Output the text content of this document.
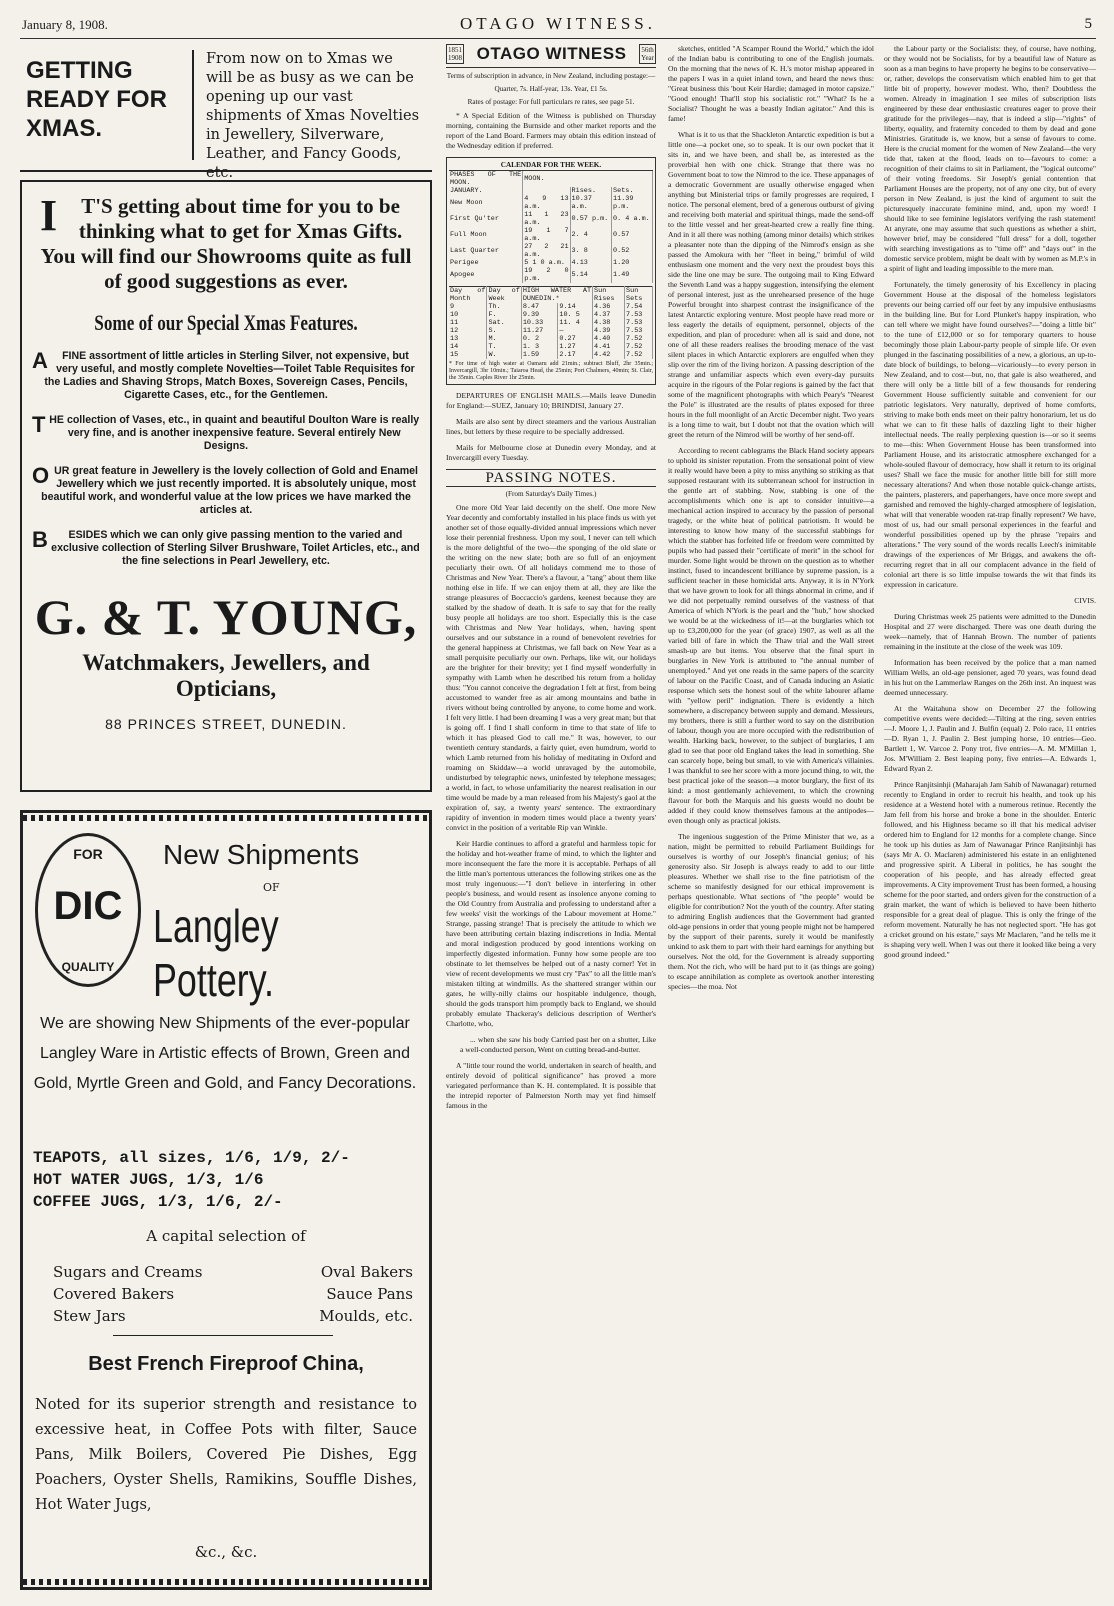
January 8, 1908.	OTAGO WITNESS.	5
GETTING READY FOR XMAS.
From now on to Xmas we will be as busy as we can be opening up our vast shipments of Xmas Novelties in Jewellery, Silverware, Leather, and Fancy Goods, etc.
I T'S getting about time for you to be thinking what to get for Xmas Gifts. You will find our Showrooms quite as full of good suggestions as ever.
Some of our Special Xmas Features.
A FINE assortment of little articles in Sterling Silver, not expensive, but very useful, and mostly complete Novelties—Toilet Table Requisites for the Ladies and Shaving Strops, Match Boxes, Sovereign Cases, Pencils, Cigarette Cases, etc., for the Gentlemen.
THE collection of Vases, etc., in quaint and beautiful Doulton Ware is really very fine, and is another inexpensive feature. Several entirely New Designs.
OUR great feature in Jewellery is the lovely collection of Gold and Enamel Jewellery which we just recently imported. It is absolutely unique, most beautiful work, and wonderful value at the low prices we have marked the articles at.
B ESIDES which we can only give passing mention to the varied and exclusive collection of Sterling Silver Brushware, Toilet Articles, etc., and the fine selections in Pearl Jewellery, etc.
G. & T. YOUNG,
Watchmakers, Jewellers, and Opticians,
88 PRINCES STREET, DUNEDIN.
FOR
DIC
QUALITY
New Shipments
OF
Langley Pottery.
We are showing New Shipments of the ever-popular Langley Ware in Artistic effects of Brown, Green and Gold, Myrtle Green and Gold, and Fancy Decorations.
TEAPOTS, all sizes, 1/6, 1/9, 2/-
HOT WATER JUGS, 1/3, 1/6
COFFEE JUGS, 1/3, 1/6, 2/-
A capital selection of
Sugars and Creams	Oval Bakers
Covered Bakers	Sauce Pans
Stew Jars	Moulds, etc.
Best French Fireproof China,
Noted for its superior strength and resistance to excessive heat, in Coffee Pots with filter, Sauce Pans, Milk Boilers, Covered Pie Dishes, Egg Poachers, Oyster Shells, Ramikins, Souffle Dishes, Hot Water Jugs,
&c., &c.
1851
1908 OTAGO WITNESS 56th
Year

Terms of subscription in advance, in New Zealand, including postage:—

Quarter, 7s. Half-year, 13s. Year, £1 5s.

Rates of postage: For full particulars re rates, see page 51.

* A Special Edition of the Witness is published on Thursday morning, containing the Burnside and other market reports and the report of the Land Board. Farmers may obtain this edition instead of the Wednesday edition if preferred.

CALENDAR FOR THE WEEK.
PHASES OF THE MOON.	MOON.		
JANUARY.		Rises.	Sets.
New Moon	4 9 13 a.m.	10.37 a.m.	11.39 p.m.
First Qu'ter	11 1 23 a.m.	0.57 p.m.	0. 4 a.m.
Full Moon	19 1 7 a.m.	2. 4	0.57
Last Quarter	27 2 21 a.m.	3. 8	0.52
Perigee	5 1 0 a.m.	4.13	1.20
Apogee	19 2 0 p.m.	5.14	1.49
Day of Month	Day of Week	HIGH WATER AT DUNEDIN.*		Sun Rises	Sun Sets
9	Th.	8.47	9.14	4.36	7.54
10	F.	9.39	10. 5	4.37	7.53
11	Sat.	10.33	11. 4	4.38	7.53
12	S.	11.27	—	4.39	7.53
13	M.	0. 2	0.27	4.40	7.52
14	T.	1. 3	1.27	4.41	7.52
15	W.	1.59	2.17	4.42	7.52
* For time of high water at Oamaru add 21min.; subtract Bluff, 2hr 35min.; Invercargill, 3hr 10min.; Taiaroa Head, the 25min; Port Chalmers, 40min; St. Clair, the 35min. Caples River 1hr 25min.

DEPARTURES OF ENGLISH MAILS.—Mails leave Dunedin for England:—SUEZ, January 10; BRINDISI, January 27.

Mails are also sent by direct steamers and the various Australian lines, but letters by these require to be specially addressed.

Mails for Melbourne close at Dunedin every Monday, and at Invercargill every Tuesday.

PASSING NOTES.

(From Saturday's Daily Times.)

One more Old Year laid decently on the shelf. One more New Year decently and comfortably installed in his place finds us with yet another set of those equally-divided annual impressions which never lose their perennial freshness. Upon my soul, I never can tell which is the more delightful of the two—the sponging of the old slate or the writing on the new slate; both are so full of an enjoyment peculiarly their own. Of all holidays commend me to those of Christmas and New Year. There's a flavour, a "tang" about them like nothing else in life. If we can enjoy them at all, they are like the strange pleasures of Boccaccio's gardens, keenest because they are stalked by the shadow of death. It is safe to say that for the really busy people all holidays are too short. Especially this is the case with Christmas and New Year holidays, when, having spent ourselves and our substance in a round of benevolent revelries for the general happiness at Christmas, we fall back on New Year as a small perquisite peculiarly our own. Perhaps, like wit, our holidays are the brighter for their brevity; yet I find myself wonderfully in sympathy with Lamb when he described his return from a holiday thus: "You cannot conceive the degradation I felt at first, from being accustomed to wander free as air among mountains and bathe in rivers without being controlled by anyone, to come home and work. I felt very little. I had been dreaming I was a very great man; but that is going off. I find I shall conform in time to that state of life to which it has pleased God to call me." It was, however, to our twentieth century standards, a fairly quiet, even humdrum, world to which Lamb returned from his holiday of meditating in Oxford and roaming on Skiddaw—a world unravaged by the automobile, undisturbed by telegraphic news, uninfested by telephone messages; a world, in fact, to whose unfamiliarity the nearest realisation in our time would be made by a man released from his Majesty's gaol at the expiration of, say, a twenty years' sentence. The extraordinary rapidity of invention in modern times would place a twenty years' convict in the position of a veritable Rip van Winkle.

Keir Hardie continues to afford a grateful and harmless topic for the holiday and hot-weather frame of mind, to which the lighter and more inconsequent the fare the more it is acceptable. Perhaps of all the little man's portentous utterances the following strikes one as the most truly ingenuous:—"I don't believe in interfering in other people's business, and would resent as insolence anyone coming to the Old Country from Australia and professing to understand after a few weeks' visit the workings of the Labour movement at Home." Strange, passing strange! That is precisely the attitude to which we have been attributing certain blazing indiscretions in India. Mental and moral indigestion produced by good intentions working on imperfectly digested information. Funny how some people are too obstinate to let themselves be helped out of a nasty corner! Yet in view of recent developments we must cry "Pax" to all the little man's mistaken tilting at windmills. As the shattered stranger within our gates, he willy-nilly claims our hospitable indulgence, though, should the gods transport him promptly back to England, we should probably emulate Thackeray's delicious description of Werther's Charlotte, who,

... when she saw his body Carried past her on a shutter, Like a well-conducted person, Went on cutting bread-and-butter.

A "little tour round the world, undertaken in search of health, and entirely devoid of political significance" has proved a more variegated performance than K. H. contemplated. It is possible that the intrepid reporter of Palmerston North may yet find himself famous in the

sketches, entitled "A Scamper Round the World," which the idol of the Indian babu is contributing to one of the English journals. On the morning that the news of K. H.'s motor mishap appeared in the papers I was in a quiet inland town, and heard the news thus: "Great business this 'bout Keir Hardie; damaged in motor capsize." "Good enough! That'll stop his socialistic rot." "What? Is he a Socialist? Thought he was a beastly Indian agitator." And this is fame!

What is it to us that the Shackleton Antarctic expedition is but a little one—a pocket one, so to speak. It is our own pocket that it sits in, and we have been, and shall be, as interested as the proverbial hen with one chick. Strange that there was no Government boat to tow the Nimrod to the ice. These appanages of a democratic Government are usually otherwise engaged when anything but Ministerial trips or family progresses are required, I notice. The personal element, bred of a generous outburst of giving and receiving both material and spiritual things, made the send-off to the little vessel and her great-hearted crew a really fine thing. And in it all there was nothing (among minor details) which strikes a pleasanter note than the dipping of the Nimrod's ensign as she passed the Amokura with her "fleet in being," brimful of wild enthusiasm one moment and the very next the proudest boys this side the line one may be sure. The outgoing mail to King Edward the Seventh Land was a happy suggestion, intensifying the element of personal interest, just as the unrehearsed presence of the huge Powerful brought into sharpest contrast the insignificance of the latest Antarctic exploring venture. Most people have read more or less eagerly the details of equipment, personnel, objects of the expedition, and plan of procedure: when all is said and done, not one of all these readers realises the brooding menace of the vast silent places in which Antarctic explorers are engulfed when they slip over the rim of the living horizon. A passing description of the strange and unfamiliar aspects which even every-day pursuits acquire in the rigours of the Polar regions is gained by the fact that some of the magnificent photographs with which Peary's "Nearest the Pole" is illustrated are the results of plates exposed for three hours in the full moonlight of an Arctic December night. Two years is a long time to wait, but I doubt not that the ovation which will greet the return of the Nimrod will be worthy of her send-off.

According to recent cablegrams the Black Hand society appears to uphold its sinister reputation. From the sensational point of view it really would have been a pity to miss anything so striking as that supposed restaurant with its subterranean school for instruction in the gentle art of stabbing. Now, stabbing is one of the accomplishments which one is apt to consider intuitive—a mechanical action inspired to accuracy by the passion of personal tragedy, or the white heat of political patriotism. It would be interesting to know how many of the successful stabbings for which the stabber has forfeited life or freedom were committed by pupils who had passed their "certificate of merit" in the school for murder. Some light would be thrown on the question as to whether instinct, fused to incandescent brilliance by supreme passion, is a sufficient teacher in these homicidal arts. Anyway, it is in N'York that we have grown to look for all things abnormal in crime, and if we did not perpetually remind ourselves of the vastness of that America of which N'York is the pearl and the "hub," how shocked we would be at the wickedness of it!—at the burglaries which tot up to £3,200,000 for the year (of grace) 1907, as well as all the varied bill of fare in which the Thaw trial and the Wall street smash-up are but items. You observe that the final spurt in burglaries in New York is attributed to "the annual number of unemployed." And yet one reads in the same papers of the scarcity of labour on the Pacific Coast, and of Canada inducing an Asiatic response which sets the honest soul of the white labourer aflame with "yellow peril" indignation. There is evidently a hitch somewhere, a discrepancy between supply and demand. Messieurs, my brothers, there is still a further word to say on the distribution of labour, though you are more occupied with the redistribution of wealth. Harking back, however, to the subject of burglaries, I am glad to see that poor old England takes the lead in something. She can scarcely hope, being but small, to vie with America's villainies. I was thankful to see her score with a more jocund thing, to wit, the best practical joke of the season—a motor burglary, the first of its kind: a most gentlemanly achievement, to which the crowning flavour for both the Marquis and his guests would no doubt be added if they could know themselves famous at the antipodes—even though only as practical jokists.

The ingenious suggestion of the Prime Minister that we, as a nation, might be permitted to rebuild Parliament Buildings for ourselves is worthy of our Joseph's financial genius; of his generosity also. Sir Joseph is always ready to add to our little pleasures. Whether we shall rise to the fine patriotism of the scheme so manifestly designed for our ethical improvement is perhaps questionable. What sections of "the people" would be eligible for contribution? Not the youth of the country. After stating to admiring English audiences that the Government had granted old-age pensions in order that young people might not be hampered by the support of their parents, surely it would be manifestly unkind to ask them to part with their hard earnings for anything but ourselves. Not the old, for the Government is already supporting them. Not the rich, who will be hard put to it (as things are going) to escape annihilation as complete as overtook another interesting species—the moa. Not

the Labour party or the Socialists: they, of course, have nothing, or they would not be Socialists, for by a beautiful law of Nature as soon as a man begins to have property he begins to be conservative—or, rather, develops the conservatism which enabled him to get that little bit of property, however modest. Who, then? Doubtless the women. Already in imagination I see miles of subscription lists engineered by these dear enthusiastic creatures eager to prove their gratitude for the privileges—nay, that is indeed a slip—"rights" of liberty, equality, and fraternity conceded to them by dead and gone Ministries. Gratitude is, we know, but a sense of favours to come. Here is the crucial moment for the women of New Zealand—the very tide that, taken at the flood, leads on to—favours to come: a recognition of their claims to sit in Parliament, the "logical outcome" of their voting freedoms. Sir Joseph's genial contention that Parliament Houses are the property, not of any one city, but of every person in New Zealand, is just the kind of argument to suit the picturesquely inaccurate feminine mind, and, upon my word! I should like to see feminine legislators verifying the rash statement! At anyrate, one may assume that such questions as whether a shirt, however brief, may be considered "full dress" for a doll, together with searching investigations as to "time off" and "days out" in the domestic service problem, might be dealt with by women as M.P.'s in a spirit of light and leading impossible to the mere man.

Fortunately, the timely generosity of his Excellency in placing Government House at the disposal of the homeless legislators prevents our being carried off our feet by any impulsive enthusiasms in the building line. But for Lord Plunket's happy inspiration, who can tell where we might have found ourselves?—"doing a little bit" to the tune of £12,000 or so for temporary quarters to house becomingly those plain Labour-party people of simple life. Or even plunged in the fascinating possibilities of a new, a glorious, an up-to-date block of buildings, to belong—vicariously—to every person in New Zealand, and to cost—but, no, that gale is also weathered, and there will only be a little bill of a few thousands for rendering Government House sufficiently suitable and convenient for our patriotic legislators. Very naturally, deprived of home comforts, striving to make both ends meet on their paltry honorarium, let us do what we can to fit these halls of dazzling light to their higher intellectual needs. The really perplexing question is—or so it seems to me—this: When Government House has been transformed into Parliament House, and its aristocratic atmosphere exchanged for a whole-souled flavour of democracy, how shall it return to its original uses? Shall we face the music for another little bill for still more necessary alterations? And when those notable quick-change artists, the painters, plasterers, and paperhangers, have once more swept and garnished and removed the highly-charged atmosphere of legislation, what will that venerable wooden rat-trap finally represent? We have, most of us, had our small personal experiences in the fearful and wonderful possibilities opened up by the phrase "repairs and alterations." The very sound of the words recalls Leech's inimitable drawings of the experiences of Mr Briggs, and awakens the oft-recurring regret that in all our complacent advance in the field of colonial art there is so little impulse towards the wit that finds its expression in caricature.

CIVIS.

During Christmas week 25 patients were admitted to the Dunedin Hospital and 27 were discharged. There was one death during the week—namely, that of Hannah Brown. The number of patients remaining in the institute at the close of the week was 109.

Information has been received by the police that a man named William Wells, an old-age pensioner, aged 70 years, was found dead in his hut on the Lammerlaw Ranges on the 26th inst. An inquest was deemed unnecessary.

At the Waitahuna show on December 27 the following competitive events were decided:—Tilting at the ring, seven entries—J. Moore 1, J. Paulin and J. Bulfin (equal) 2. Polo race, 11 entries—D. Ryan 1, J. Paulin 2. Best jumping horse, 10 entries—Geo. Bartlett 1, W. Varcoe 2. Pony trot, five entries—A. M. M'Millan 1, Jos. M'William 2. Best leaping pony, five entries—A. Edwards 1, Edward Ryan 2.

Prince Ranjitsinhji (Maharajah Jam Sahib of Nawanagar) returned recently to England in order to recruit his health, and took up his residence at a Westend hotel with a numerous retinue. Recently the Jam fell from his horse and broke a bone in the shoulder. Enteric followed, and his Highness became so ill that his medical adviser ordered him to England for 12 months for a complete change. Since he took up his duties as Jam of Nawanagar Prince Ranjitsinhji has (says Mr A. O. Maclaren) administered his estate in an enlightened and progressive spirit. A Liberal in politics, he has sought the cooperation of his people, and has already effected great improvements. A City improvement Trust has been formed, a housing scheme for the poor started, and orders given for the construction of a grain market, the want of which is believed to have been hitherto responsible for a great deal of plague. This is only the fringe of the reform movement. Naturally he has not neglected sport. "He has got a cricket ground on his estate," says Mr Maclaren, "and he tells me it is shaping very well. When I was out there it looked like being a very good ground indeed."
